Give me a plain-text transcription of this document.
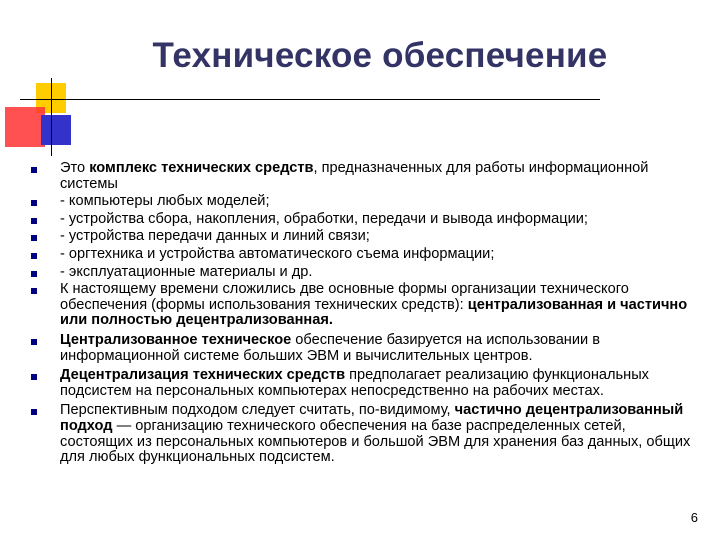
Техническое обеспечение
Это комплекс технических средств, предназначенных для работы информационной системы
- компьютеры любых моделей;
- устройства сбора, накопления, обработки, передачи и вывода информации;
- устройства передачи данных и линий связи;
- оргтехника и устройства автоматического съема информации;
- эксплуатационные материалы и др.
К настоящему времени сложились две основные формы организации технического обеспечения (формы использования технических средств): централизованная и частично или полностью децентрализованная.
Централизованное техническое обеспечение базируется на использовании в информационной системе больших ЭВМ и вычислительных центров.
Децентрализация технических средств предполагает реализацию функциональных подсистем на персональных компьютерах непосредственно на рабочих местах.
Перспективным подходом следует считать, по-видимому, частично децентрализованный подход — организацию технического обеспечения на базе распределенных сетей, состоящих из персональных компьютеров и большой ЭВМ для хранения баз данных, общих для любых функциональных подсистем.
6
